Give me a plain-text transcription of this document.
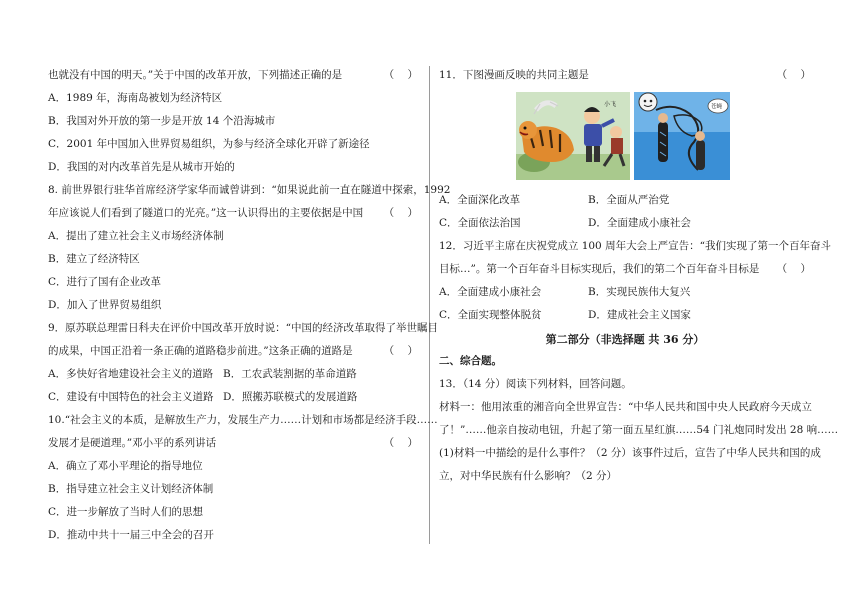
也就没有中国的明天。”关于中国的改革开放，下列描述正确的是	（    ）
A．1989 年，海南岛被划为经济特区
B．我国对外开放的第一步是开放 14 个沿海城市
C．2001 年中国加入世界贸易组织，为参与经济全球化开辟了新途径
D．我国的对内改革首先是从城市开始的
8. 前世界银行驻华首席经济学家华而诚曾讲到：“如果说此前一直在隧道中探索，1992
年应该说人们看到了隧道口的光亮。”这一认识得出的主要依据是中国 （    ）
A．提出了建立社会主义市场经济体制
B．建立了经济特区
C．进行了国有企业改革
D．加入了世界贸易组织
9．原苏联总理雷日科夫在评价中国改革开放时说：“中国的经济改革取得了举世瞩目
的成果，中国正沿着一条正确的道路稳步前进。”这条正确的道路是	（    ）
A．多快好省地建设社会主义的道路 B．工农武装割据的革命道路
C．建设有中国特色的社会主义道路 D．照搬苏联模式的发展道路
10.“社会主义的本质，是解放生产力，发展生产力……计划和市场都是经济手段……
发展才是硬道理。”邓小平的系列讲话	（    ）
A．确立了邓小平理论的指导地位
B．指导建立社会主义计划经济体制
C．进一步解放了当时人们的思想
D．推动中共十一届三中全会的召开
11．下图漫画反映的共同主题是	（    ）
小飞	苍蝇
A．全面深化改革	B．全面从严治党
C．全面依法治国	D．全面建成小康社会
12．习近平主席在庆祝党成立 100 周年大会上严宣告：“我们实现了第一个百年奋斗
目标…”。第一个百年奋斗目标实现后，我们的第二个百年奋斗目标是 （    ）
A．全面建成小康社会	B．实现民族伟大复兴
C．全面实现整体脱贫	D．建成社会主义国家
第二部分（非选择题 共 36 分）
二、综合题。
13．（14 分）阅读下列材料，回答问题。
材料一：他用浓重的湘音向全世界宣告：“中华人民共和国中央人民政府今天成立
了！”……他亲自按动电钮，升起了第一面五星红旗……54 门礼炮同时发出 28 响……
(1)材料一中描绘的是什么事件？（2 分）该事件过后，宣告了中华人民共和国的成
立，对中华民族有什么影响？（2 分）
